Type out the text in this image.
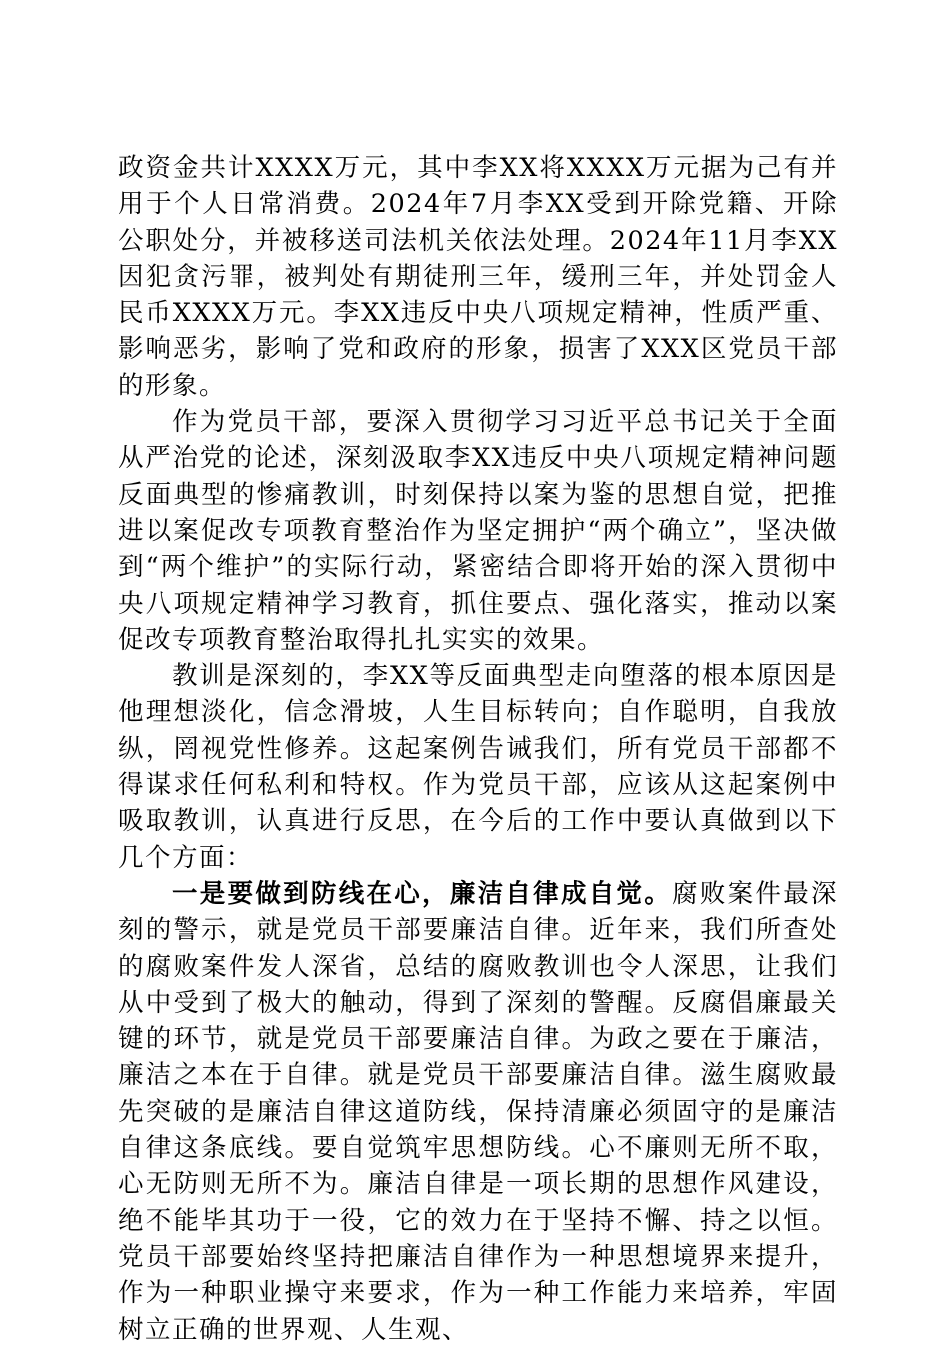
政资金共计XXXX万元，其中李XX将XXXX万元据为己有并用于个人日常消费。2024年7月李XX受到开除党籍、开除公职处分，并被移送司法机关依法处理。2024年11月李XX因犯贪污罪，被判处有期徒刑三年，缓刑三年，并处罚金人民币XXXX万元。李XX违反中央八项规定精神，性质严重、影响恶劣，影响了党和政府的形象，损害了XXX区党员干部的形象。

作为党员干部，要深入贯彻学习习近平总书记关于全面从严治党的论述，深刻汲取李XX违反中央八项规定精神问题反面典型的惨痛教训，时刻保持以案为鉴的思想自觉，把推进以案促改专项教育整治作为坚定拥护“两个确立”，坚决做到“两个维护”的实际行动，紧密结合即将开始的深入贯彻中央八项规定精神学习教育，抓住要点、强化落实，推动以案促改专项教育整治取得扎扎实实的效果。

教训是深刻的，李XX等反面典型走向堕落的根本原因是他理想淡化，信念滑坡，人生目标转向；自作聪明，自我放纵，罔视党性修养。这起案例告诫我们，所有党员干部都不得谋求任何私利和特权。作为党员干部，应该从这起案例中吸取教训，认真进行反思，在今后的工作中要认真做到以下几个方面：

一是要做到防线在心，廉洁自律成自觉。腐败案件最深刻的警示，就是党员干部要廉洁自律。近年来，我们所查处的腐败案件发人深省，总结的腐败教训也令人深思，让我们从中受到了极大的触动，得到了深刻的警醒。反腐倡廉最关键的环节，就是党员干部要廉洁自律。为政之要在于廉洁，廉洁之本在于自律。就是党员干部要廉洁自律。滋生腐败最先突破的是廉洁自律这道防线，保持清廉必须固守的是廉洁自律这条底线。要自觉筑牢思想防线。心不廉则无所不取，心无防则无所不为。廉洁自律是一项长期的思想作风建设，绝不能毕其功于一役，它的效力在于坚持不懈、持之以恒。党员干部要始终坚持把廉洁自律作为一种思想境界来提升，作为一种职业操守来要求，作为一种工作能力来培养，牢固树立正确的世界观、人生观、
